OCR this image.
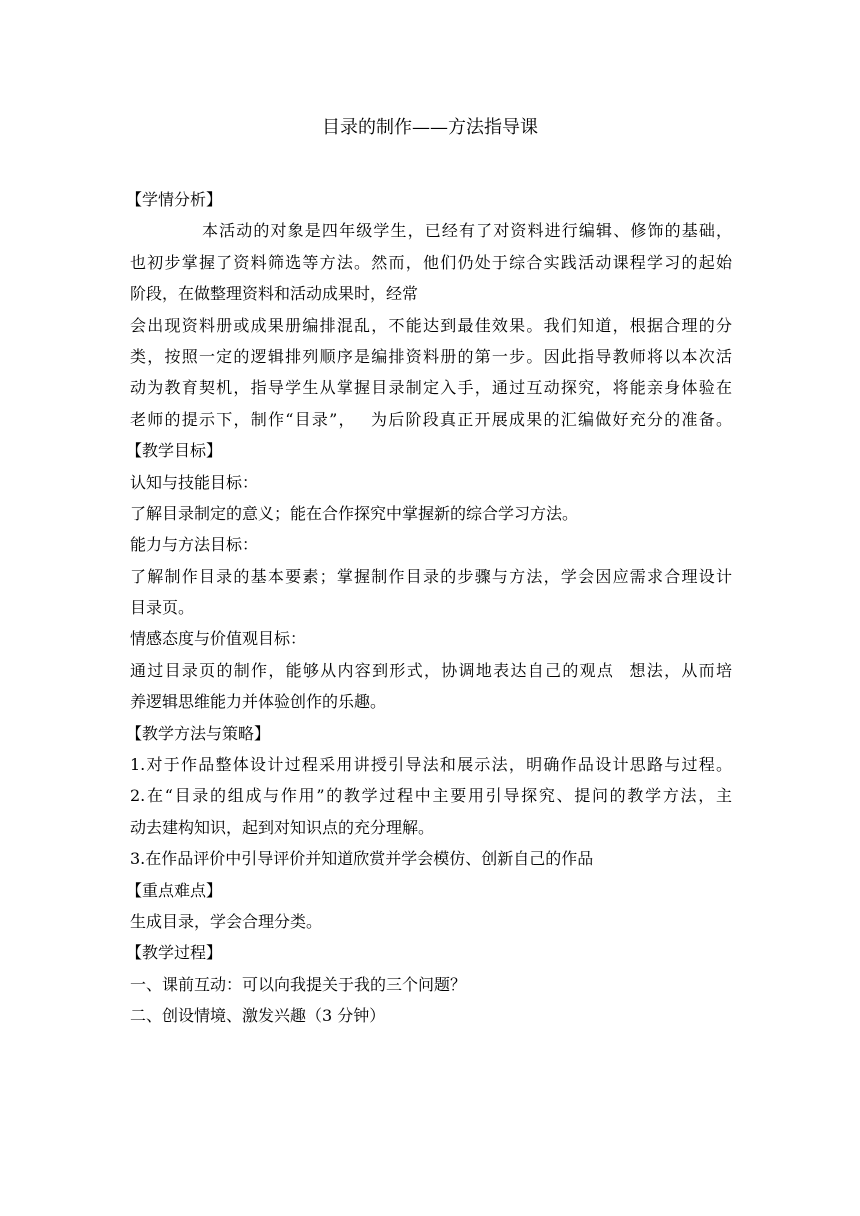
目录的制作——方法指导课
【学情分析】
本活动的对象是四年级学生，已经有了对资料进行编辑、修饰的基础，
也初步掌握了资料筛选等方法。然而，他们仍处于综合实践活动课程学习的起始
阶段，在做整理资料和活动成果时，经常
会出现资料册或成果册编排混乱，不能达到最佳效果。我们知道，根据合理的分
类，按照一定的逻辑排列顺序是编排资料册的第一步。因此指导教师将以本次活
动为教育契机，指导学生从掌握目录制定入手，通过互动探究，将能亲身体验在
老师的提示下，制作“目录”， 为后阶段真正开展成果的汇编做好充分的准备。
【教学目标】
认知与技能目标：
了解目录制定的意义；能在合作探究中掌握新的综合学习方法。
能力与方法目标：
了解制作目录的基本要素；掌握制作目录的步骤与方法，学会因应需求合理设计
目录页。
情感态度与价值观目标：
通过目录页的制作，能够从内容到形式，协调地表达自己的观点 想法，从而培
养逻辑思维能力并体验创作的乐趣。
【教学方法与策略】
1.对于作品整体设计过程采用讲授引导法和展示法，明确作品设计思路与过程。
2.在“目录的组成与作用”的教学过程中主要用引导探究、提问的教学方法，主
动去建构知识，起到对知识点的充分理解。
3.在作品评价中引导评价并知道欣赏并学会模仿、创新自己的作品
【重点难点】
生成目录，学会合理分类。
【教学过程】
一、课前互动：可以向我提关于我的三个问题？
二、创设情境、激发兴趣（3 分钟）
